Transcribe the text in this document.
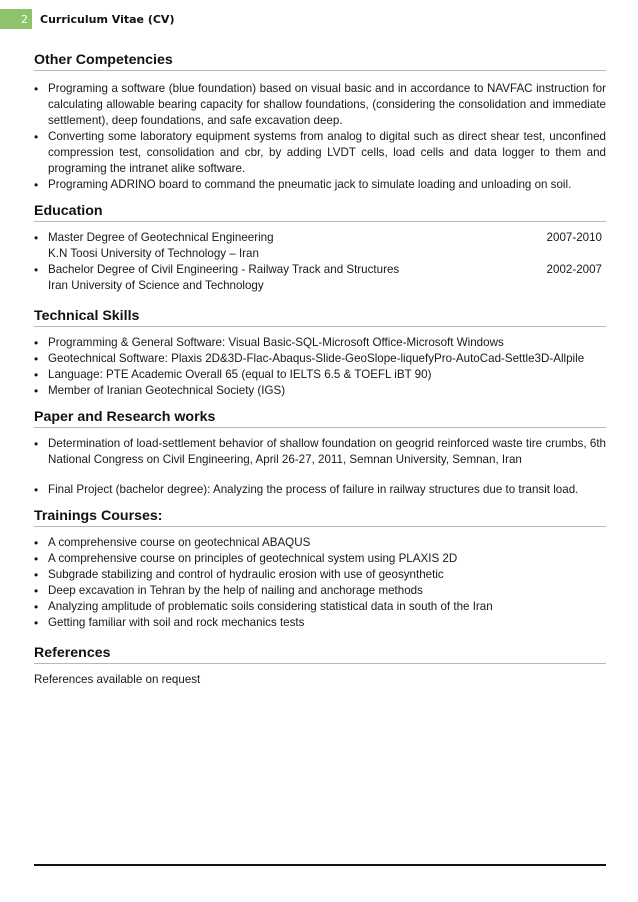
2	Curriculum Vitae (CV)
Other Competencies
• Programing a software (blue foundation) based on visual basic and in accordance to NAVFAC instruction for calculating allowable bearing capacity for shallow foundations, (considering the consolidation and immediate settlement), deep foundations, and safe excavation deep.
• Converting some laboratory equipment systems from analog to digital such as direct shear test, unconfined compression test, consolidation and cbr, by adding LVDT cells, load cells and data logger to them and programing the intranet alike software.
• Programing ADRINO board to command the pneumatic jack to simulate loading and unloading on soil.
Education
• Master Degree of Geotechnical Engineering	2007-2010
K.N Toosi University of Technology – Iran
• Bachelor Degree of Civil Engineering - Railway Track and Structures	2002-2007
Iran University of Science and Technology
Technical Skills
• Programming & General Software: Visual Basic-SQL-Microsoft Office-Microsoft Windows
• Geotechnical Software: Plaxis 2D&3D-Flac-Abaqus-Slide-GeoSlope-liquefyPro-AutoCad-Settle3D-Allpile
• Language: PTE Academic Overall 65 (equal to IELTS 6.5 & TOEFL iBT 90)
• Member of Iranian Geotechnical Society (IGS)
Paper and Research works
• Determination of load-settlement behavior of shallow foundation on geogrid reinforced waste tire crumbs, 6th National Congress on Civil Engineering, April 26-27, 2011, Semnan University, Semnan, Iran
• Final Project (bachelor degree): Analyzing the process of failure in railway structures due to transit load.
Trainings Courses:
• A comprehensive course on geotechnical ABAQUS
• A comprehensive course on principles of geotechnical system using PLAXIS 2D
• Subgrade stabilizing and control of hydraulic erosion with use of geosynthetic
• Deep excavation in Tehran by the help of nailing and anchorage methods
• Analyzing amplitude of problematic soils considering statistical data in south of the Iran
• Getting familiar with soil and rock mechanics tests
References

References available on request
